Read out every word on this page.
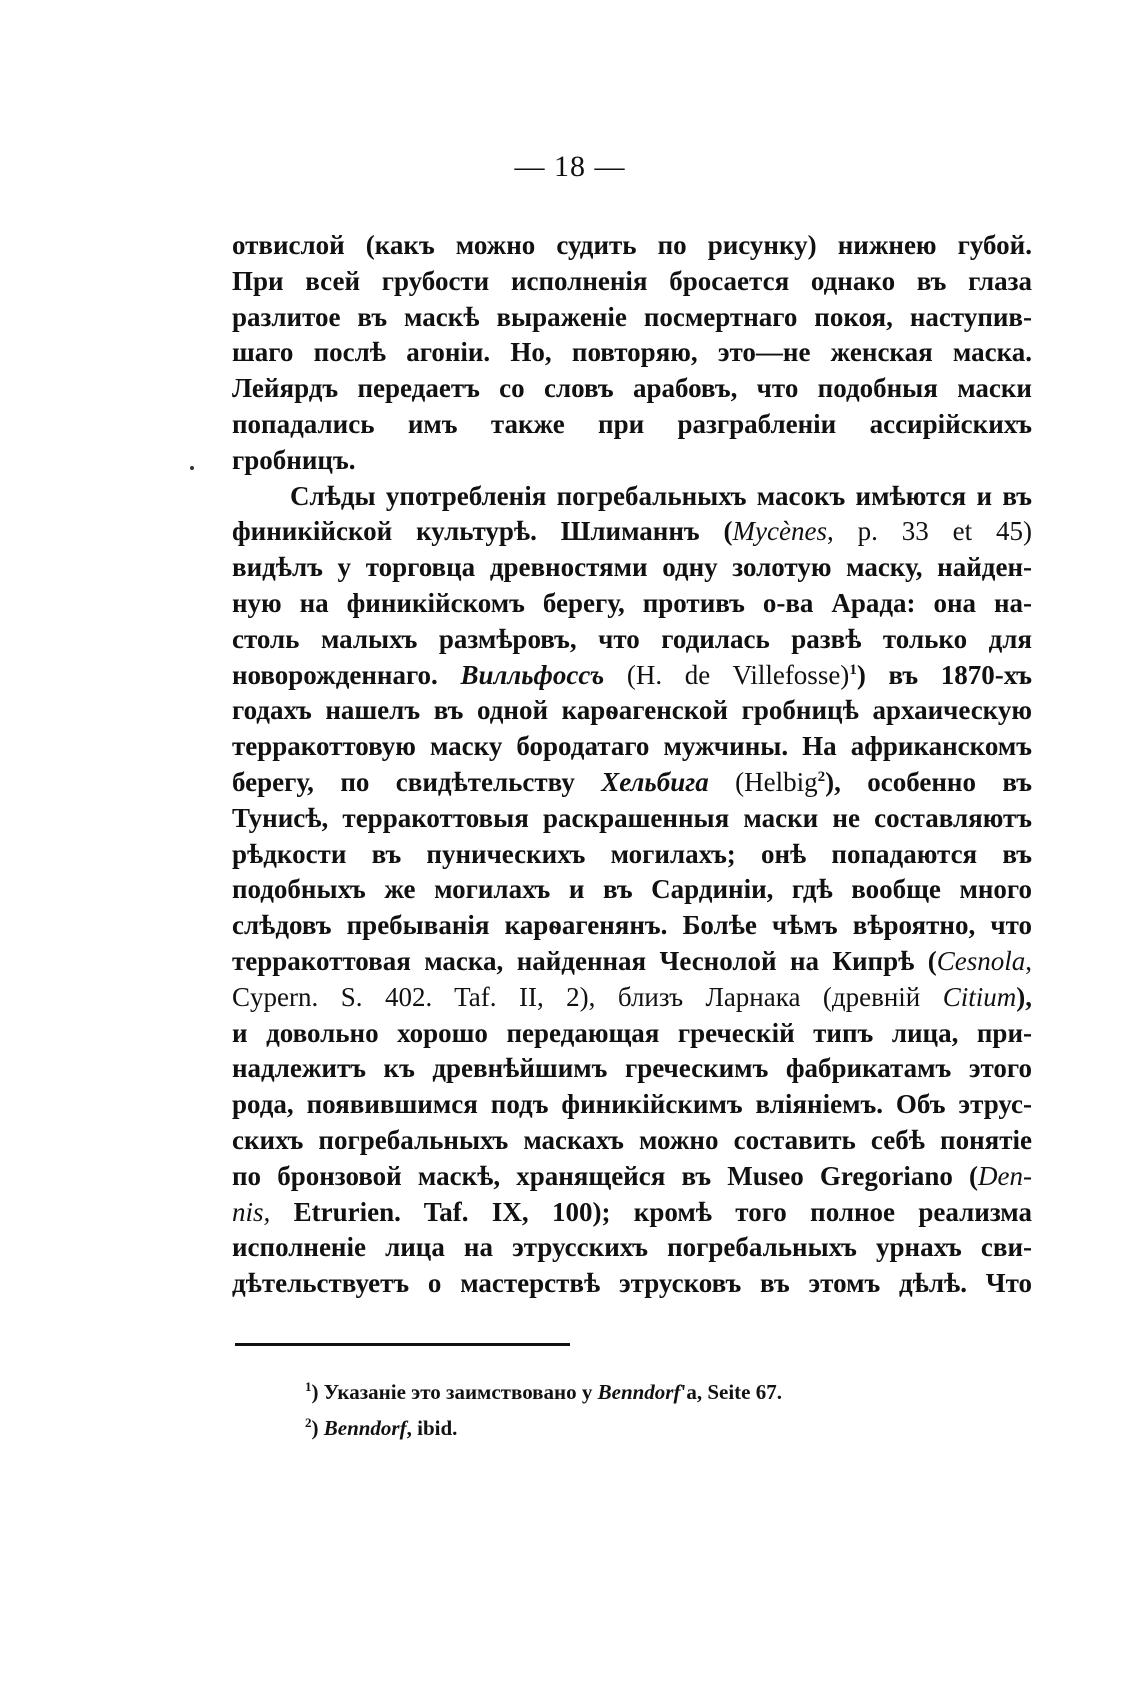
— 18 —
отвислой (какъ можно судить по рисунку) нижнею губой.
При всей грубости исполненія бросается однако въ глаза
разлитое въ маскѣ выраженіе посмертнаго покоя, наступив-
шаго послѣ агоніи. Но, повторяю, это—не женская маска.
Лейярдъ передаетъ со словъ арабовъ, что подобныя маски
попадались имъ также при разграбленіи ассирійскихъ
гробницъ.
Слѣды употребленія погребальныхъ масокъ имѣются и въ
финикійской культурѣ. Шлиманнъ (Mycènes, p. 33 et 45)
видѣлъ у торговца древностями одну золотую маску, найден-
ную на финикійскомъ берегу, противъ о-ва Арада: она на-
столь малыхъ размѣровъ, что годилась развѣ только для
новорожденнаго. Вилльфоссъ (H. de Villefosse)$^1$) въ 1870-хъ
годахъ нашелъ въ одной карѳагенской гробницѣ архаическую
терракоттовую маску бородатаго мужчины. На африканскомъ
берегу, по свидѣтельству Хельбига (Helbig$^2$), особенно въ
Тунисѣ, терракоттовыя раскрашенныя маски не составляютъ
рѣдкости въ пуническихъ могилахъ; онѣ попадаются въ
подобныхъ же могилахъ и въ Сардиніи, гдѣ вообще много
слѣдовъ пребыванія карѳагенянъ. Болѣе чѣмъ вѣроятно, что
терракоттовая маска, найденная Чеснолой на Кипрѣ (Cesnola,
Cypern. S. 402. Taf. II, 2), близъ Ларнака (древній Citium),
и довольно хорошо передающая греческій типъ лица, при-
надлежитъ къ древнѣйшимъ греческимъ фабрикатамъ этого
рода, появившимся подъ финикійскимъ вліяніемъ. Объ этрус-
скихъ погребальныхъ маскахъ можно составить себѣ понятіе
по бронзовой маскѣ, хранящейся въ Museo Gregoriano (Den-
nis, Etrurien. Taf. IX, 100); кромѣ того полное реализма
исполненіе лица на этрусскихъ погребальныхъ урнахъ сви-
дѣтельствуетъ о мастерствѣ этрусковъ въ этомъ дѣлѣ. Что
$^1$) Указаніе это заимствовано у Benndorf'а, Seite 67.
$^2$) Benndorf, ibid.
